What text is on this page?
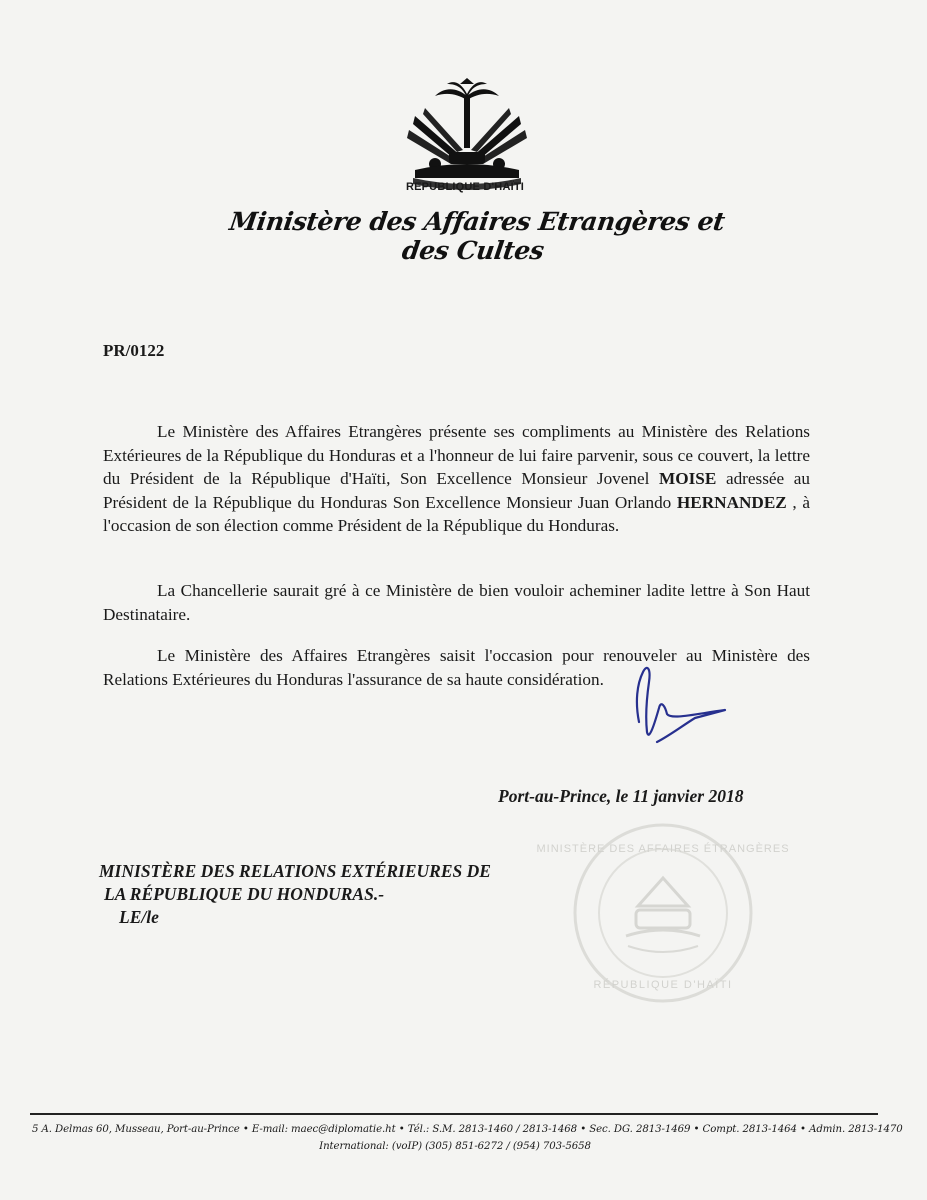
REPUBLIQUE D'HAÏTI
Ministère des Affaires Etrangères et des Cultes
PR/0122
Le Ministère des Affaires Etrangères présente ses compliments au Ministère des Relations Extérieures de la République du Honduras et a l'honneur de lui faire parvenir, sous ce couvert, la lettre du Président de la République d'Haïti, Son Excellence Monsieur Jovenel MOISE adressée au Président de la République du Honduras Son Excellence Monsieur Juan Orlando HERNANDEZ , à l'occasion de son élection comme Président de la République du Honduras.
La Chancellerie saurait gré à ce Ministère de bien vouloir acheminer ladite lettre à Son Haut Destinataire.
Le Ministère des Affaires Etrangères saisit l'occasion pour renouveler au Ministère des Relations Extérieures du Honduras l'assurance de sa haute considération.
Port-au-Prince, le 11 janvier 2018
MINISTÈRE DES AFFAIRES ÉTRANGÈRES
RÉPUBLIQUE D'HAÏTI
MINISTÈRE DES RELATIONS EXTÉRIEURES DE
LA RÉPUBLIQUE DU HONDURAS.-
LE/le
5 A. Delmas 60, Musseau, Port-au-Prince • E-mail: maec@diplomatie.ht • Tél.: S.M. 2813-1460 / 2813-1468 • Sec. DG. 2813-1469 • Compt. 2813-1464 • Admin. 2813-1470
International: (voIP) (305) 851-6272 / (954) 703-5658
